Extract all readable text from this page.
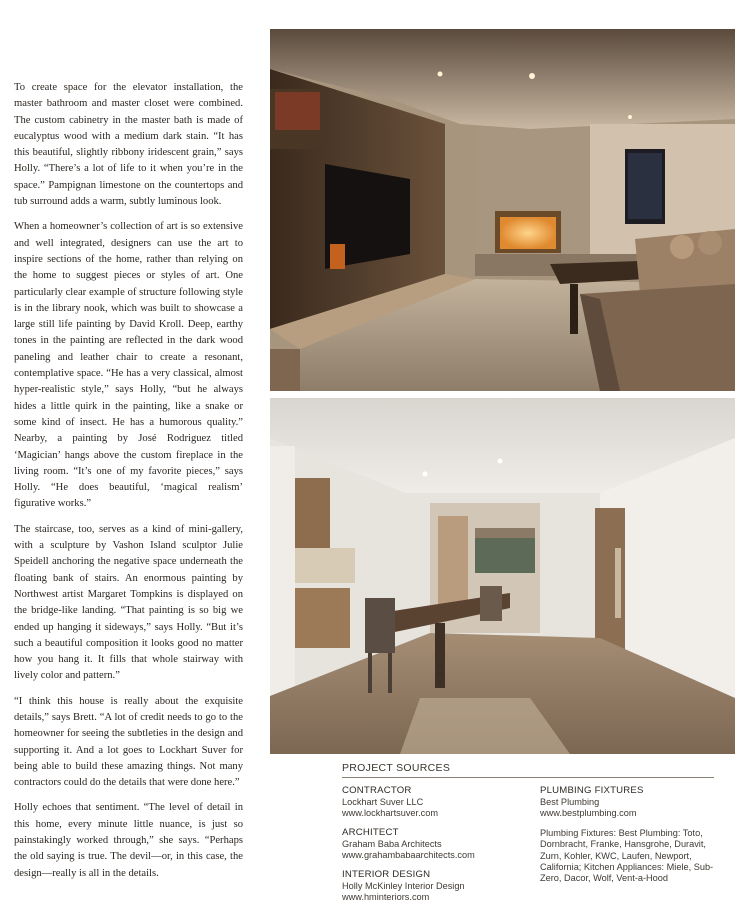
To create space for the elevator installation, the master bathroom and master closet were combined. The custom cabinetry in the master bath is made of eucalyptus wood with a medium dark stain. “It has this beautiful, slightly ribbony iridescent grain,” says Holly. “There’s a lot of life to it when you’re in the space.” Pampignan limestone on the countertops and tub surround adds a warm, subtly luminous look.

When a homeowner’s collection of art is so extensive and well integrated, designers can use the art to inspire sections of the home, rather than relying on the home to suggest pieces or styles of art. One particularly clear example of structure following style is in the library nook, which was built to showcase a large still life painting by David Kroll. Deep, earthy tones in the painting are reflected in the dark wood paneling and leather chair to create a resonant, contemplative space. “He has a very classical, almost hyper-realistic style,” says Holly, “but he always hides a little quirk in the painting, like a snake or some kind of insect. He has a humorous quality.” Nearby, a painting by José Rodriguez titled ‘Magician’ hangs above the custom fireplace in the living room. “It’s one of my favorite pieces,” says Holly. “He does beautiful, ‘magical realism’ figurative works.”

The staircase, too, serves as a kind of mini-gallery, with a sculpture by Vashon Island sculptor Julie Speidell anchoring the negative space underneath the floating bank of stairs. An enormous painting by Northwest artist Margaret Tompkins is displayed on the bridge-like landing. “That painting is so big we ended up hanging it sideways,” says Holly. “But it’s such a beautiful composition it looks good no matter how you hang it. It fills that whole stairway with lively color and pattern.”

“I think this house is really about the exquisite details,” says Brett. “A lot of credit needs to go to the homeowner for seeing the subtleties in the design and supporting it. And a lot goes to Lockhart Suver for being able to build these amazing things. Not many contractors could do the details that were done here.”

Holly echoes that sentiment. “The level of detail in this home, every minute little nuance, is just so painstakingly worked through,” she says. “Perhaps the old saying is true. The devil—or, in this case, the design—really is all in the details.

PROJECT SOURCES
CONTRACTOR
Lockhart Suver LLC
www.lockhartsuver.com
ARCHITECT
Graham Baba Architects
www.grahambabaarchitects.com
INTERIOR DESIGN
Holly McKinley Interior Design
www.hminteriors.com
PLUMBING FIXTURES
Best Plumbing
www.bestplumbing.com
Plumbing Fixtures: Best Plumbing: Toto, Dornbracht, Franke, Hansgrohe, Duravit, Zurn, Kohler, KWC, Laufen, Newport, California; Kitchen Appliances: Miele, Sub-Zero, Dacor, Wolf, Vent-a-Hood
